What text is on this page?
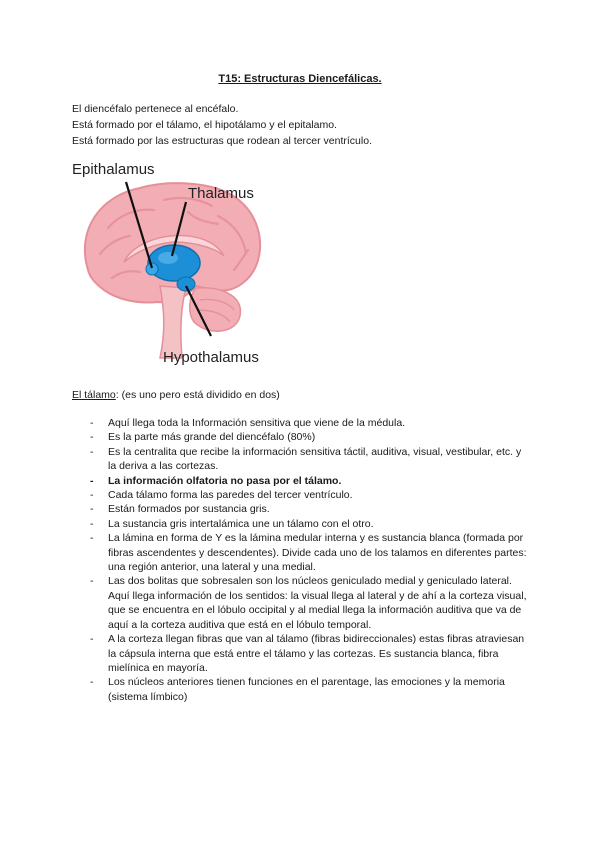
T15: Estructuras Diencefálicas.
El diencéfalo pertenece al encéfalo.
Está formado por el tálamo, el hipotálamo y el epitalamo.
Está formado por las estructuras que rodean al tercer ventrículo.
Epithalamus
Thalamus
Hypothalamus
El tálamo: (es uno pero está dividido en dos)
- Aquí llega toda la Información sensitiva que viene de la médula.
- Es la parte más grande del diencéfalo (80%)
- Es la centralita que recibe la información sensitiva táctil, auditiva, visual, vestibular, etc. y la deriva a las cortezas.
- La información olfatoria no pasa por el tálamo.
- Cada tálamo forma las paredes del tercer ventrículo.
- Están formados por sustancia gris.
- La sustancia gris intertalámica une un tálamo con el otro.
- La lámina en forma de Y es la lámina medular interna y es sustancia blanca (formada por fibras ascendentes y descendentes). Divide cada uno de los talamos en diferentes partes: una región anterior, una lateral y una medial.
- Las dos bolitas que sobresalen son los núcleos geniculado medial y geniculado lateral. Aquí llega información de los sentidos: la visual llega al lateral y de ahí a la corteza visual, que se encuentra en el lóbulo occipital y al medial llega la información auditiva que va de aquí a la corteza auditiva que está en el lóbulo temporal.
- A la corteza llegan fibras que van al tálamo (fibras bidireccionales) estas fibras atraviesan la cápsula interna que está entre el tálamo y las cortezas. Es sustancia blanca, fibra mielínica en mayoría.
- Los núcleos anteriores tienen funciones en el parentage, las emociones y la memoria (sistema límbico)
